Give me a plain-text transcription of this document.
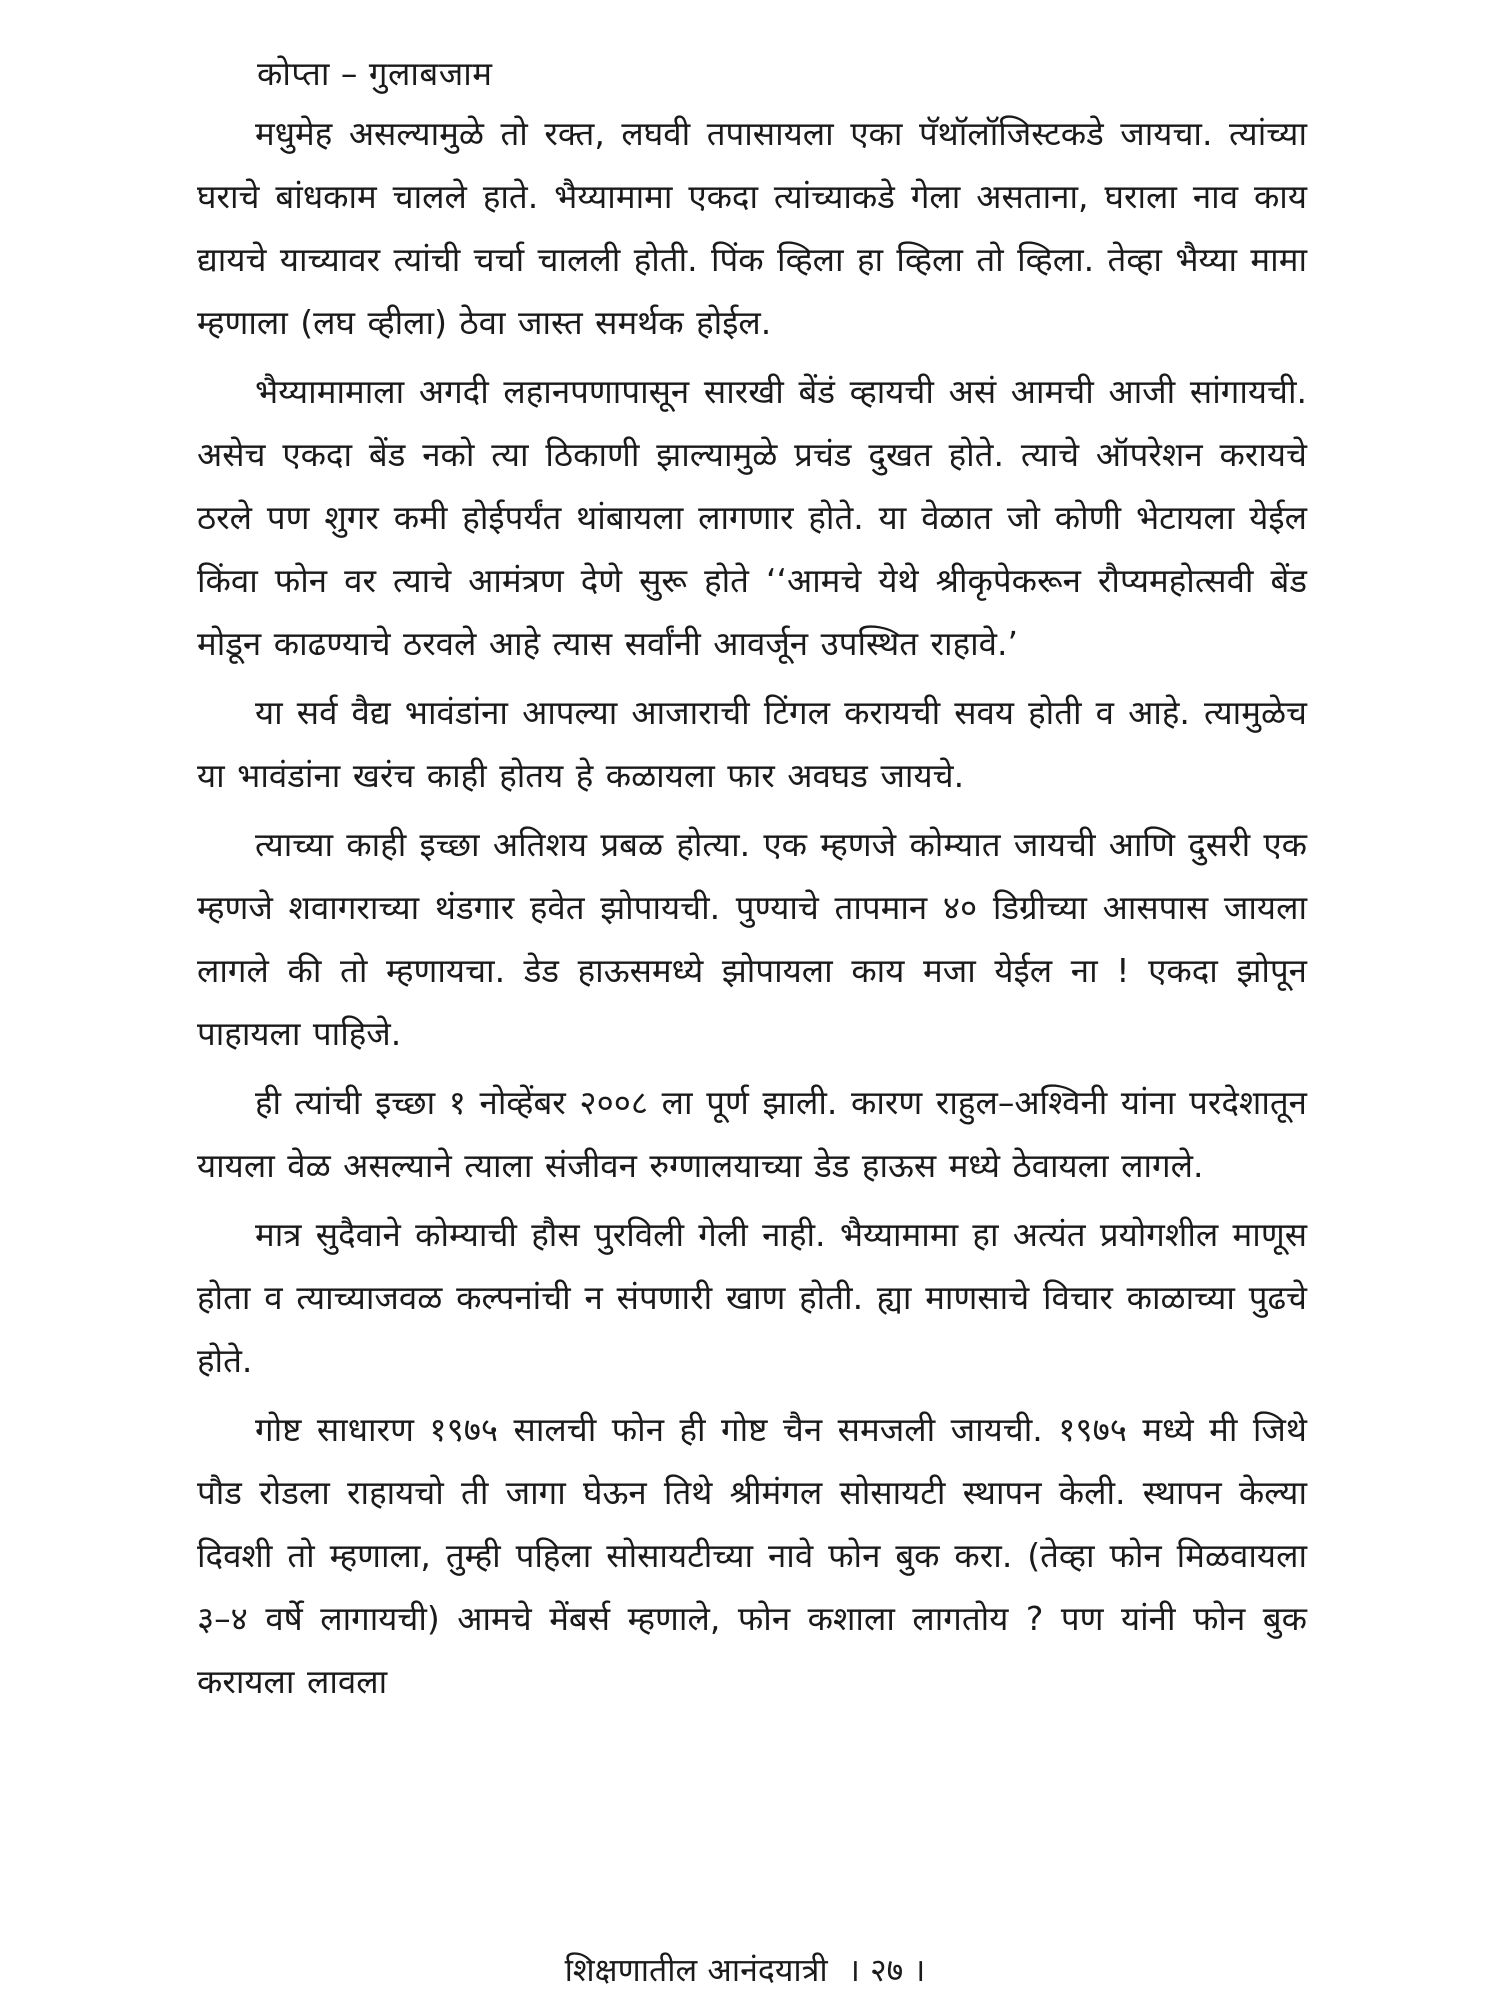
कोप्ता – गुलाबजाम

मधुमेह असल्यामुळे तो रक्त, लघवी तपासायला एका पॅथॉलॉजिस्टकडे जायचा. त्यांच्या घराचे बांधकाम चालले हाते. भैय्यामामा एकदा त्यांच्याकडे गेला असताना, घराला नाव काय द्यायचे याच्यावर त्यांची चर्चा चालली होती. पिंक व्हिला हा व्हिला तो व्हिला. तेव्हा भैय्या मामा म्हणाला (लघ व्हीला) ठेवा जास्त समर्थक होईल.

भैय्यामामाला अगदी लहानपणापासून सारखी बेंडं व्हायची असं आमची आजी सांगायची. असेच एकदा बेंड नको त्या ठिकाणी झाल्यामुळे प्रचंड दुखत होते. त्याचे ऑपरेशन करायचे ठरले पण शुगर कमी होईपर्यंत थांबायला लागणार होते. या वेळात जो कोणी भेटायला येईल किंवा फोन वर त्याचे आमंत्रण देणे सुरू होते ‘‘आमचे येथे श्रीकृपेकरून रौप्यमहोत्सवी बेंड मोडून काढण्याचे ठरवले आहे त्यास सर्वांनी आवर्जून उपस्थित राहावे.’

या सर्व वैद्य भावंडांना आपल्या आजाराची टिंगल करायची सवय होती व आहे. त्यामुळेच या भावंडांना खरंच काही होतय हे कळायला फार अवघड जायचे.

त्याच्या काही इच्छा अतिशय प्रबळ होत्या. एक म्हणजे कोम्यात जायची आणि दुसरी एक म्हणजे शवागराच्या थंडगार हवेत झोपायची. पुण्याचे तापमान ४० डिग्रीच्या आसपास जायला लागले की तो म्हणायचा. डेड हाऊसमध्ये झोपायला काय मजा येईल ना ! एकदा झोपून पाहायला पाहिजे.

ही त्यांची इच्छा १ नोव्हेंबर २००८ ला पूर्ण झाली. कारण राहुल–अश्विनी यांना परदेशातून यायला वेळ असल्याने त्याला संजीवन रुग्णालयाच्या डेड हाऊस मध्ये ठेवायला लागले.

मात्र सुदैवाने कोम्याची हौस पुरविली गेली नाही. भैय्यामामा हा अत्यंत प्रयोगशील माणूस होता व त्याच्याजवळ कल्पनांची न संपणारी खाण होती. ह्या माणसाचे विचार काळाच्या पुढचे होते.

गोष्ट साधारण १९७५ सालची फोन ही गोष्ट चैन समजली जायची. १९७५ मध्ये मी जिथे पौड रोडला राहायचो ती जागा घेऊन तिथे श्रीमंगल सोसायटी स्थापन केली. स्थापन केल्या दिवशी तो म्हणाला, तुम्ही पहिला सोसायटीच्या नावे फोन बुक करा. (तेव्हा फोन मिळवायला ३–४ वर्षे लागायची) आमचे मेंबर्स म्हणाले, फोन कशाला लागतोय ? पण यांनी फोन बुक करायला लावला

शिक्षणातील आनंदयात्री । २७ ।
